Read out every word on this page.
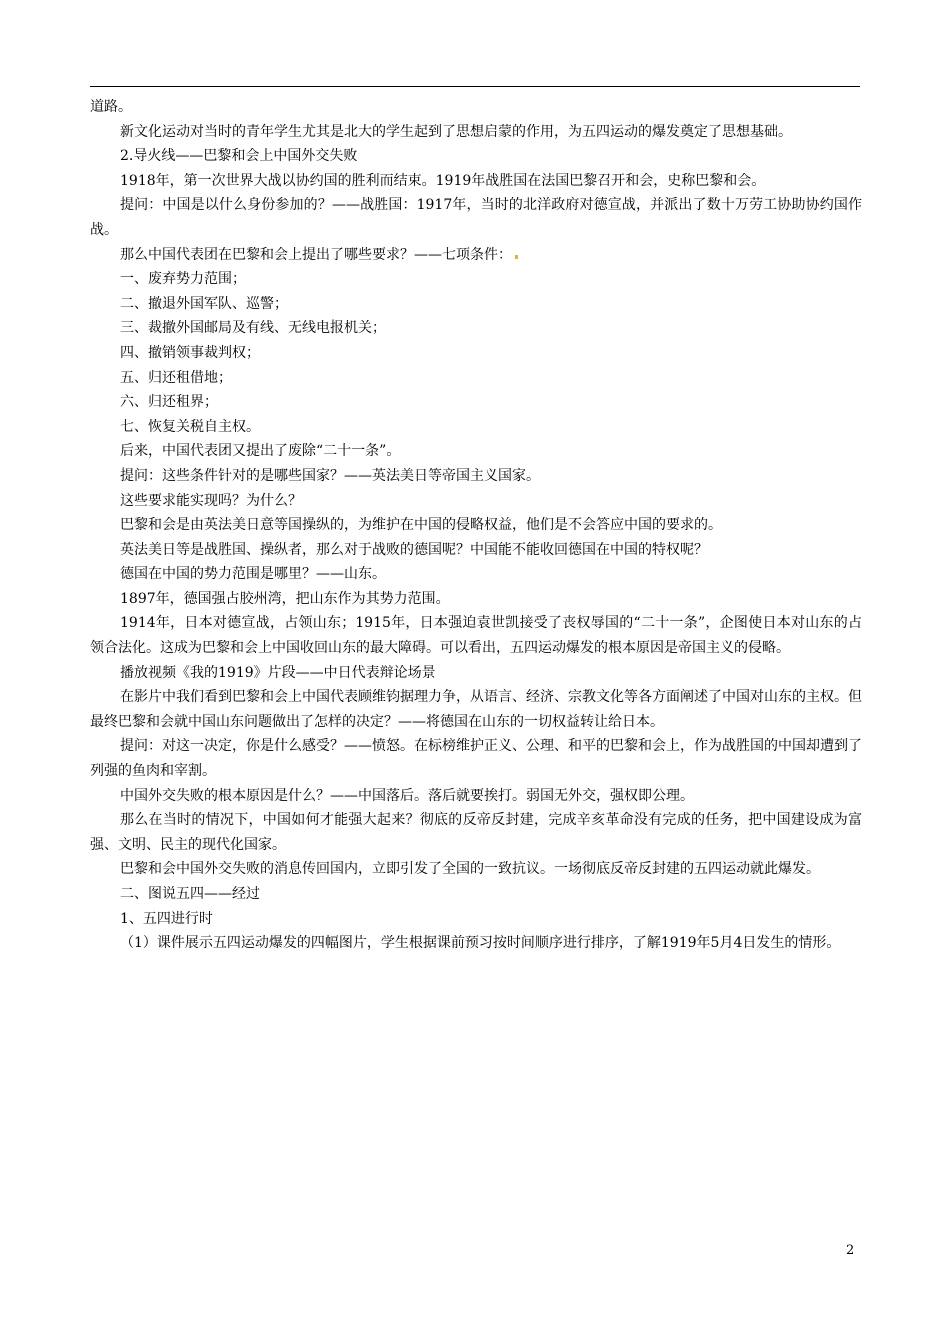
道路。

新文化运动对当时的青年学生尤其是北大的学生起到了思想启蒙的作用，为五四运动的爆发奠定了思想基础。

2.导火线——巴黎和会上中国外交失败

1918年，第一次世界大战以协约国的胜利而结束。1919年战胜国在法国巴黎召开和会，史称巴黎和会。

提问：中国是以什么身份参加的？——战胜国：1917年，当时的北洋政府对德宣战，并派出了数十万劳工协助协约国作战。

那么中国代表团在巴黎和会上提出了哪些要求？——七项条件：

一、废弃势力范围；

二、撤退外国军队、巡警；

三、裁撤外国邮局及有线、无线电报机关；

四、撤销领事裁判权；

五、归还租借地；

六、归还租界；

七、恢复关税自主权。

后来，中国代表团又提出了废除“二十一条”。

提问：这些条件针对的是哪些国家？——英法美日等帝国主义国家。

这些要求能实现吗？为什么？

巴黎和会是由英法美日意等国操纵的，为维护在中国的侵略权益，他们是不会答应中国的要求的。

英法美日等是战胜国、操纵者，那么对于战败的德国呢？中国能不能收回德国在中国的特权呢？

德国在中国的势力范围是哪里？——山东。

1897年，德国强占胶州湾，把山东作为其势力范围。

1914年，日本对德宣战，占领山东；1915年，日本强迫袁世凯接受了丧权辱国的“二十一条”，企图使日本对山东的占领合法化。这成为巴黎和会上中国收回山东的最大障碍。可以看出，五四运动爆发的根本原因是帝国主义的侵略。

播放视频《我的1919》片段——中日代表辩论场景

在影片中我们看到巴黎和会上中国代表顾维钧据理力争，从语言、经济、宗教文化等各方面阐述了中国对山东的主权。但最终巴黎和会就中国山东问题做出了怎样的决定？——将德国在山东的一切权益转让给日本。

提问：对这一决定，你是什么感受？——愤怒。在标榜维护正义、公理、和平的巴黎和会上，作为战胜国的中国却遭到了列强的鱼肉和宰割。

中国外交失败的根本原因是什么？——中国落后。落后就要挨打。弱国无外交，强权即公理。

那么在当时的情况下，中国如何才能强大起来？彻底的反帝反封建，完成辛亥革命没有完成的任务，把中国建设成为富强、文明、民主的现代化国家。

巴黎和会中国外交失败的消息传回国内，立即引发了全国的一致抗议。一场彻底反帝反封建的五四运动就此爆发。

二、图说五四——经过

1、五四进行时

（1）课件展示五四运动爆发的四幅图片，学生根据课前预习按时间顺序进行排序，了解1919年5月4日发生的情形。

2
